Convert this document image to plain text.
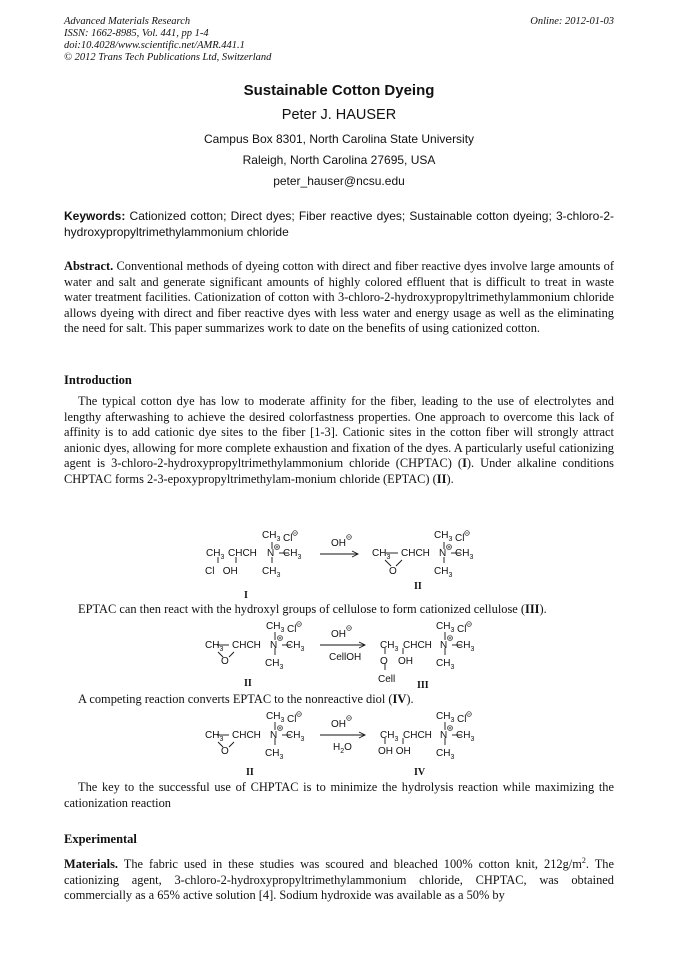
Advanced Materials Research
ISSN: 1662-8985, Vol. 441, pp 1-4
doi:10.4028/www.scientific.net/AMR.441.1
© 2012 Trans Tech Publications Ltd, Switzerland
Online: 2012-01-03
Sustainable Cotton Dyeing
Peter J. HAUSER
Campus Box 8301, North Carolina State University
Raleigh, North Carolina 27695, USA
peter_hauser@ncsu.edu
Keywords: Cationized cotton; Direct dyes; Fiber reactive dyes; Sustainable cotton dyeing; 3-chloro-2-hydroxypropyltrimethylammonium chloride
Abstract. Conventional methods of dyeing cotton with direct and fiber reactive dyes involve large amounts of water and salt and generate significant amounts of highly colored effluent that is difficult to treat in waste water treatment facilities. Cationization of cotton with 3-chloro-2-hydroxypropyltrimethylammonium chloride allows dyeing with direct and fiber reactive dyes with less water and energy usage as well as the eliminating the need for salt. This paper summarizes work to date on the benefits of using cationized cotton.
Introduction
The typical cotton dye has low to moderate affinity for the fiber, leading to the use of electrolytes and lengthy afterwashing to achieve the desired colorfastness properties. One approach to overcome this lack of affinity is to add cationic dye sites to the fiber [1-3]. Cationic sites in the cotton fiber will strongly attract anionic dyes, allowing for more complete exhaustion and fixation of the dyes. A particularly useful cationizing agent is 3-chloro-2-hydroxypropyltrimethylammonium chloride (CHPTAC) (I). Under alkaline conditions CHPTAC forms 2-3-epoxypropyltrimethylam-monium chloride (EPTAC) (II).
EPTAC can then react with the hydroxyl groups of cellulose to form cationized cellulose (III).
A competing reaction converts EPTAC to the nonreactive diol (IV).
The key to the successful use of CHPTAC is to minimize the hydrolysis reaction while maximizing the cationization reaction
Experimental
Materials. The fabric used in these studies was scoured and bleached 100% cotton knit, $212g/m^2$. The cationizing agent, 3-chloro-2-hydroxypropyltrimethylammonium chloride, CHPTAC, was obtained commercially as a 65% active solution [4]. Sodium hydroxide was available as a 50% by
$CH_3$ Cl
$CH_3$ CHCH N $CH_3$
Cl   OH $CH_3$
OH
$CH_3$ Cl
$CH_3$ CHCH N $CH_3$
O	$CH_3$
I
II
$CH_3$ Cl
$CH_3$ CHCH N $CH_3$
O	$CH_3$
OH
CellOH
$CH_3$ Cl
$CH_3$ CHCH N $CH_3$
O OH $CH_3$
Cell
II	III
$CH_3$ Cl
$CH_3$ CHCH N $CH_3$
O	$CH_3$
OH
$H_2O$
$CH_3$ Cl
$CH_3$ CHCH N $CH_3$
OH OH	$CH_3$
II	IV
